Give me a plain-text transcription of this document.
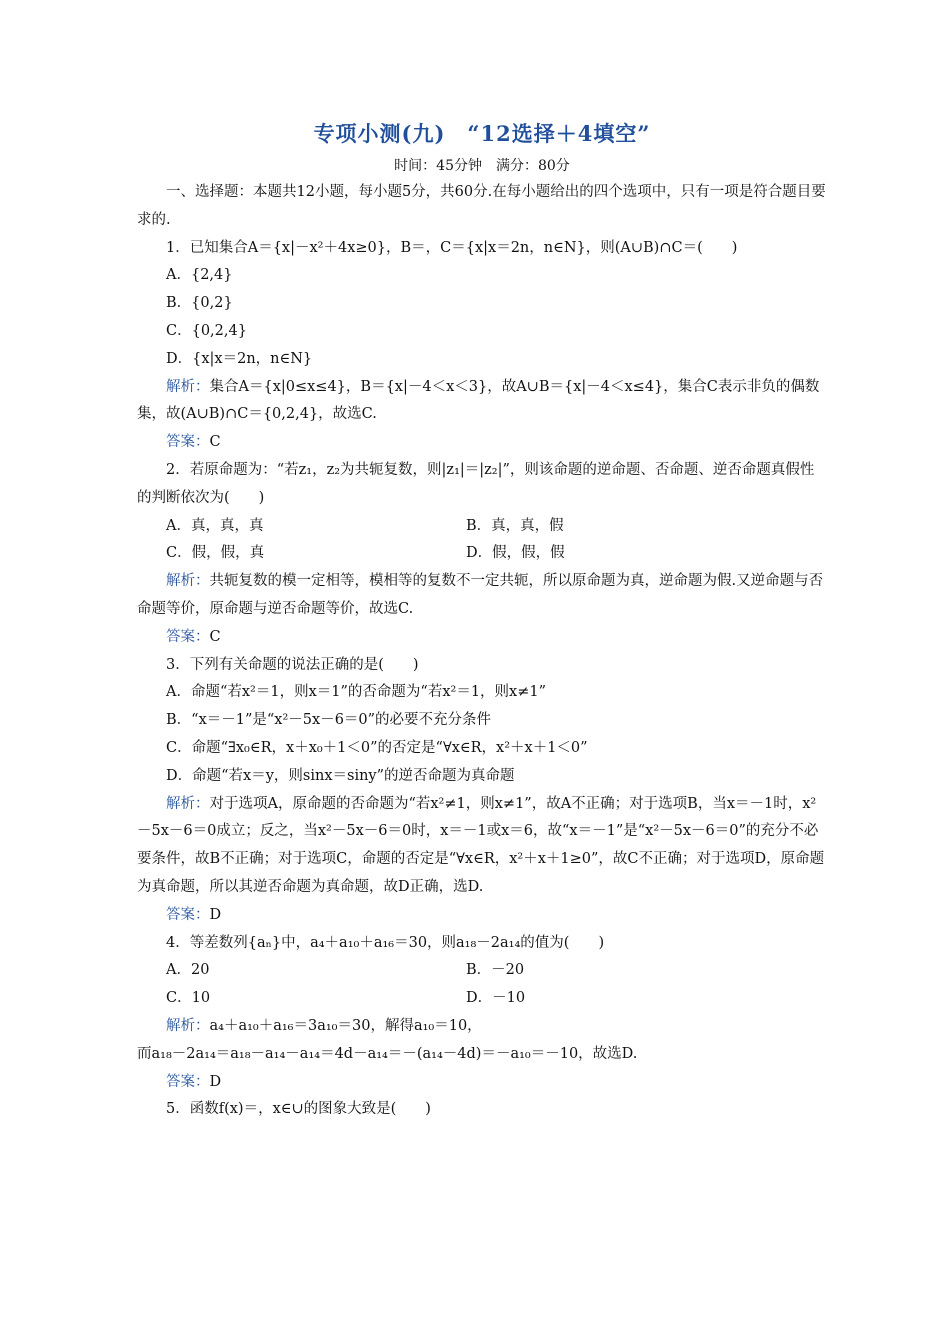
专项小测(九)　“12选择＋4填空”
时间：45分钟　满分：80分

一、选择题：本题共12小题，每小题5分，共60分.在每小题给出的四个选项中，只有一项是符合题目要求的.

1．已知集合A＝{x|－x²＋4x≥0}，B＝，C＝{x|x＝2n，n∈N}，则(A∪B)∩C＝(　　)

A．{2,4}

B．{0,2}

C．{0,2,4}

D．{x|x＝2n，n∈N}

解析：集合A＝{x|0≤x≤4}，B＝{x|－4＜x＜3}，故A∪B＝{x|－4＜x≤4}，集合C表示非负的偶数集，故(A∪B)∩C＝{0,2,4}，故选C.

答案：C

2．若原命题为：“若z₁，z₂为共轭复数，则|z₁|＝|z₂|”，则该命题的逆命题、否命题、逆否命题真假性的判断依次为(　　)

A．真，真，真	B．真，真，假
C．假，假，真	D．假，假，假

解析：共轭复数的模一定相等，模相等的复数不一定共轭，所以原命题为真，逆命题为假.又逆命题与否命题等价，原命题与逆否命题等价，故选C.

答案：C

3．下列有关命题的说法正确的是(　　)

A．命题“若x²＝1，则x＝1”的否命题为“若x²＝1，则x≠1”

B．“x＝－1”是“x²－5x－6＝0”的必要不充分条件

C．命题“∃x₀∈R，x＋x₀＋1＜0”的否定是“∀x∈R，x²＋x＋1＜0”

D．命题“若x＝y，则sinx＝siny”的逆否命题为真命题

解析：对于选项A，原命题的否命题为“若x²≠1，则x≠1”，故A不正确；对于选项B，当x＝－1时，x²－5x－6＝0成立；反之，当x²－5x－6＝0时，x＝－1或x＝6，故“x＝－1”是“x²－5x－6＝0”的充分不必要条件，故B不正确；对于选项C，命题的否定是“∀x∈R，x²＋x＋1≥0”，故C不正确；对于选项D，原命题为真命题，所以其逆否命题为真命题，故D正确，选D.

答案：D

4．等差数列{aₙ}中，a₄＋a₁₀＋a₁₆＝30，则a₁₈－2a₁₄的值为(　　)

A．20	B．－20
C．10	D．－10

解析：a₄＋a₁₀＋a₁₆＝3a₁₀＝30，解得a₁₀＝10，

而a₁₈－2a₁₄＝a₁₈－a₁₄－a₁₄＝4d－a₁₄＝－(a₁₄－4d)＝－a₁₀＝－10，故选D.

答案：D

5．函数f(x)＝，x∈∪的图象大致是(　　)
